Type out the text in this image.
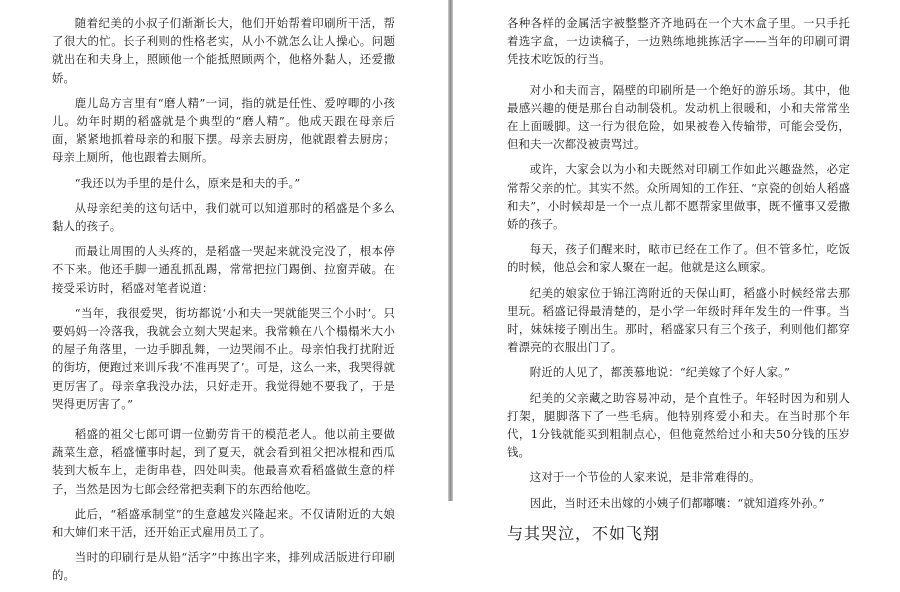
随着纪美的小叔子们渐渐长大，他们开始帮着印刷所干活，帮了很大的忙。长子利则的性格老实，从小不就怎么让人操心。问题就出在和夫身上，照顾他一个能抵照顾两个，他格外黏人，还爱撒娇。

鹿儿岛方言里有“磨人精”一词，指的就是任性、爱哼唧的小孩儿。幼年时期的稻盛就是个典型的“磨人精”。他成天跟在母亲后面，紧紧地抓着母亲的和服下摆。母亲去厨房，他就跟着去厨房；母亲上厕所，他也跟着去厕所。

“我还以为手里的是什么，原来是和夫的手。”

从母亲纪美的这句话中，我们就可以知道那时的稻盛是个多么黏人的孩子。

而最让周围的人头疼的，是稻盛一哭起来就没完没了，根本停不下来。他还手脚一通乱抓乱踢，常常把拉门踢倒、拉窗弄破。在接受采访时，稻盛对笔者说道：

“当年，我很爱哭，街坊都说‘小和夫一哭就能哭三个小时’。只要妈妈一冷落我，我就会立刻大哭起来。我常赖在八个榻榻米大小的屋子角落里，一边手脚乱舞，一边哭闹不止。母亲怕我打扰附近的街坊，便跑过来训斥我‘不准再哭了’。可是，这么一来，我哭得就更厉害了。母亲拿我没办法，只好走开。我觉得她不要我了，于是哭得更厉害了。”

稻盛的祖父七郎可谓一位勤劳肯干的模范老人。他以前主要做蔬菜生意，稻盛懂事时起，到了夏天，就会看到祖父把冰棍和西瓜装到大板车上，走街串巷，四处叫卖。他最喜欢看稻盛做生意的样子，当然是因为七郎会经常把卖剩下的东西给他吃。

此后，“稻盛承制堂”的生意越发兴隆起来。不仅请附近的大娘和大婶们来干活，还开始正式雇用员工了。

当时的印刷行是从铅“活字”中拣出字来，排列成活版进行印刷的。

各种各样的金属活字被整整齐齐地码在一个大木盒子里。一只手托着选字盒，一边读稿子，一边熟练地挑拣活字——当年的印刷可谓凭技术吃饭的行当。

对小和夫而言，隔壁的印刷所是一个绝好的游乐场。其中，他最感兴趣的便是那台自动制袋机。发动机上很暖和，小和夫常常坐在上面暖脚。这一行为很危险，如果被卷入传输带，可能会受伤，但和夫一次都没被责骂过。

或许，大家会以为小和夫既然对印刷工作如此兴趣盎然，必定常帮父亲的忙。其实不然。众所周知的工作狂、“京瓷的创始人稻盛和夫”，小时候却是一个一点儿都不愿帮家里做事，既不懂事又爱撒娇的孩子。

每天，孩子们醒来时，畩市已经在工作了。但不管多忙，吃饭的时候，他总会和家人聚在一起。他就是这么顾家。

纪美的娘家位于锦江湾附近的天保山町，稻盛小时候经常去那里玩。稻盛记得最清楚的，是小学一年级时拜年发生的一件事。当时，妹妹接子刚出生。那时，稻盛家只有三个孩子，利则他们都穿着漂亮的衣服出门了。

附近的人见了，都羡慕地说：“纪美嫁了个好人家。”

纪美的父亲藏之助容易冲动，是个直性子。年轻时因为和别人打架，腿脚落下了一些毛病。他特别疼爱小和夫。在当时那个年代，1分钱就能买到粗制点心，但他竟然给过小和夫50分钱的压岁钱。

这对于一个节俭的人家来说，是非常难得的。

因此，当时还未出嫁的小姨子们都嘟囔：“就知道疼外孙。”

与其哭泣，不如飞翔
